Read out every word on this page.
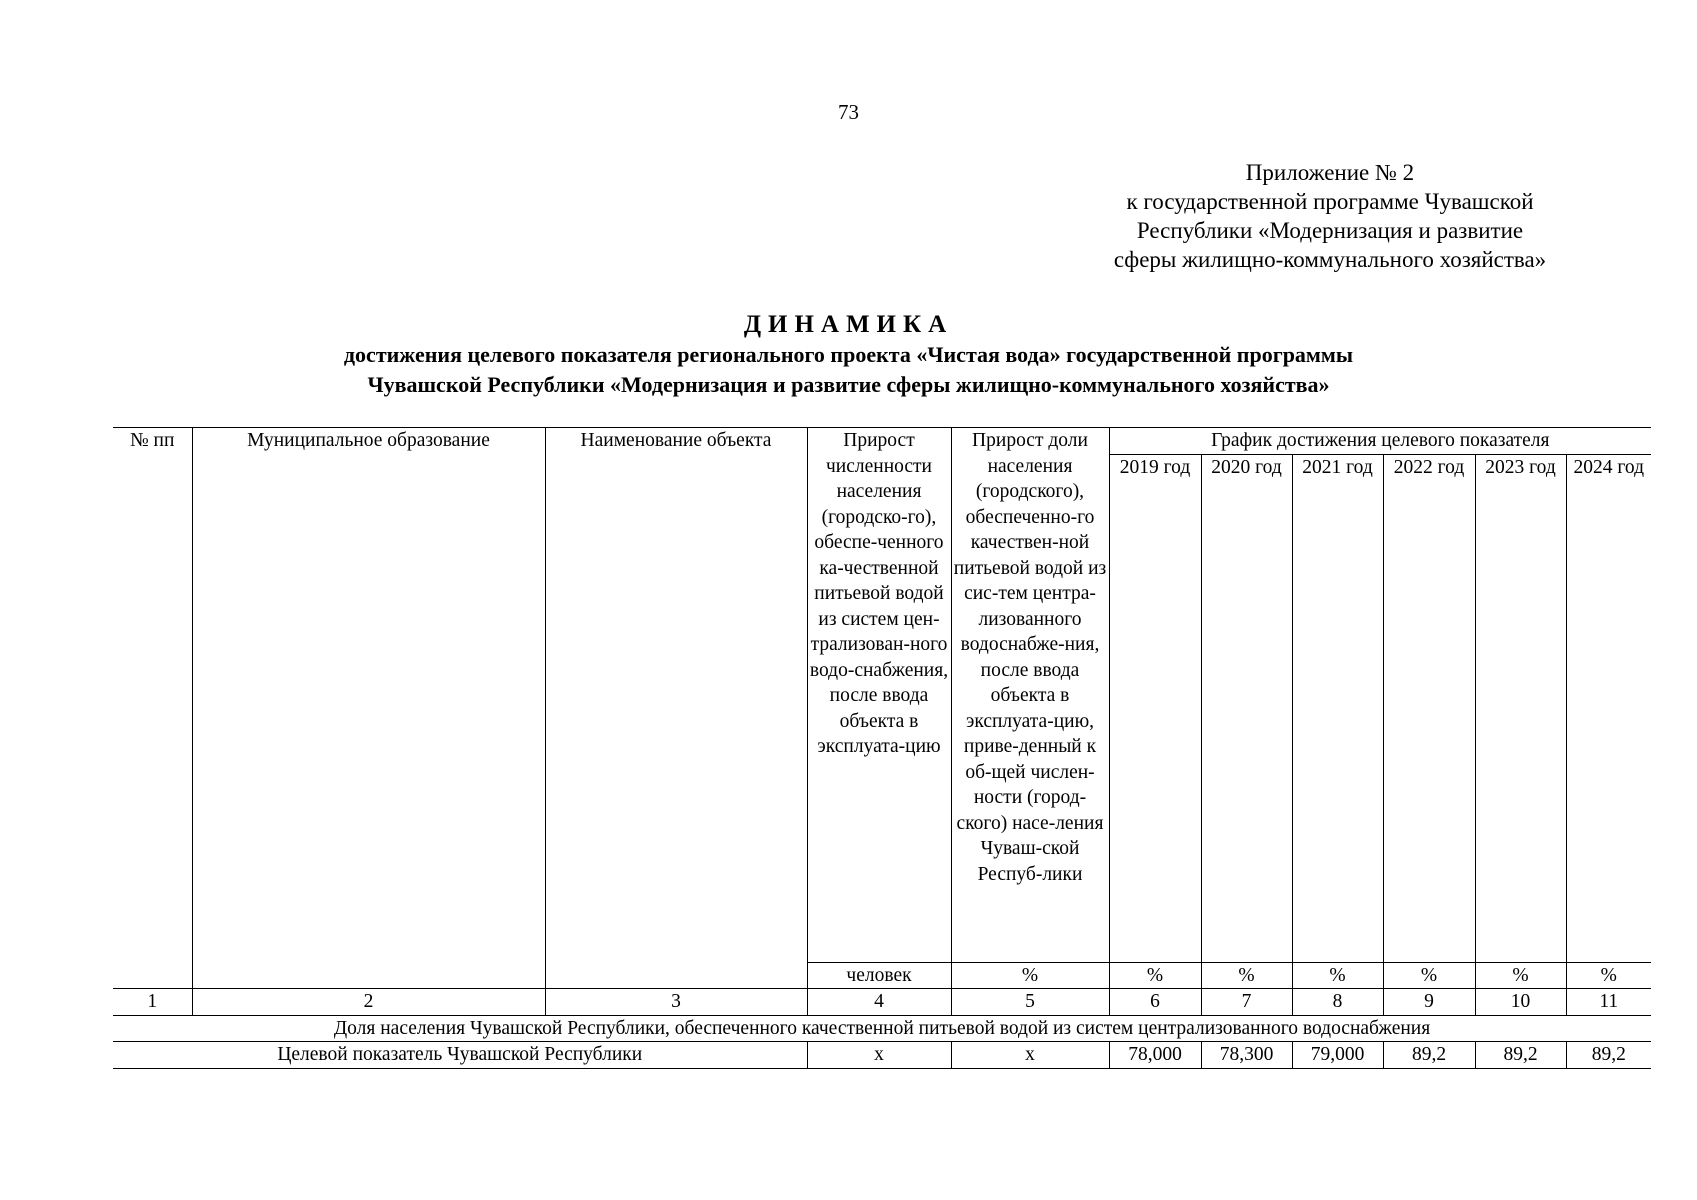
73
Приложение № 2
к государственной программе Чувашской
Республики «Модернизация и развитие
сферы жилищно-коммунального хозяйства»
ДИНАМИКА
достижения целевого показателя регионального проекта «Чистая вода» государственной программы
Чувашской Республики «Модернизация и развитие сферы жилищно-коммунального хозяйства»
№ пп	Муниципальное образование	Наименование объекта	Прирост численности населения (городско-го), обеспе-ченного ка-чественной питьевой водой из систем цен-трализован-ного водо-снабжения, после ввода объекта в эксплуата-цию	Прирост доли населения (городского), обеспеченно-го качествен-ной питьевой водой из сис-тем центра-лизованного водоснабже-ния, после ввода объекта в эксплуата-цию, приве-денный к об-щей числен-ности (город-ского) насе-ления Чуваш-ской Респуб-лики	График достижения целевого показателя					
					2019 год	2020 год	2021 год	2022 год	2023 год	2024 год
			человек	%	%	%	%	%	%	%
1	2	3	4	5	6	7	8	9	10	11
Доля населения Чувашской Республики, обеспеченного качественной питьевой водой из систем централизованного водоснабжения										
Целевой показатель Чувашской Республики			х	х	78,000	78,300	79,000	89,2	89,2	89,2
